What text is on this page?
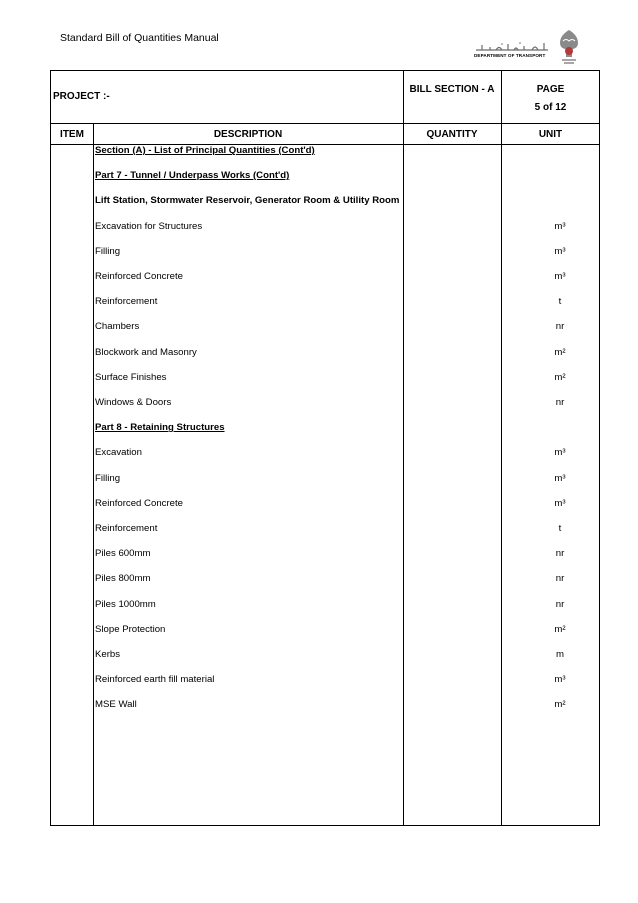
Standard Bill of Quantities Manual
DEPARTMENT OF TRANSPORT
PROJECT :-
BILL SECTION - A	PAGE
5 of 12
ITEM	DESCRIPTION	QUANTITY	UNIT
Section (A) - List of Principal Quantities (Cont'd)
Part 7 - Tunnel / Underpass Works (Cont'd)
Lift Station, Stormwater Reservoir, Generator Room & Utility Room
Excavation for Structures	m³
Filling	m³
Reinforced Concrete	m³
Reinforcement	t
Chambers	nr
Blockwork and Masonry	m²
Surface Finishes	m²
Windows & Doors	nr
Part 8 - Retaining Structures
Excavation	m³
Filling	m³
Reinforced Concrete	m³
Reinforcement	t
Piles 600mm	nr
Piles 800mm	nr
Piles 1000mm	nr
Slope Protection	m²
Kerbs	m
Reinforced earth fill material	m³
MSE Wall	m²
